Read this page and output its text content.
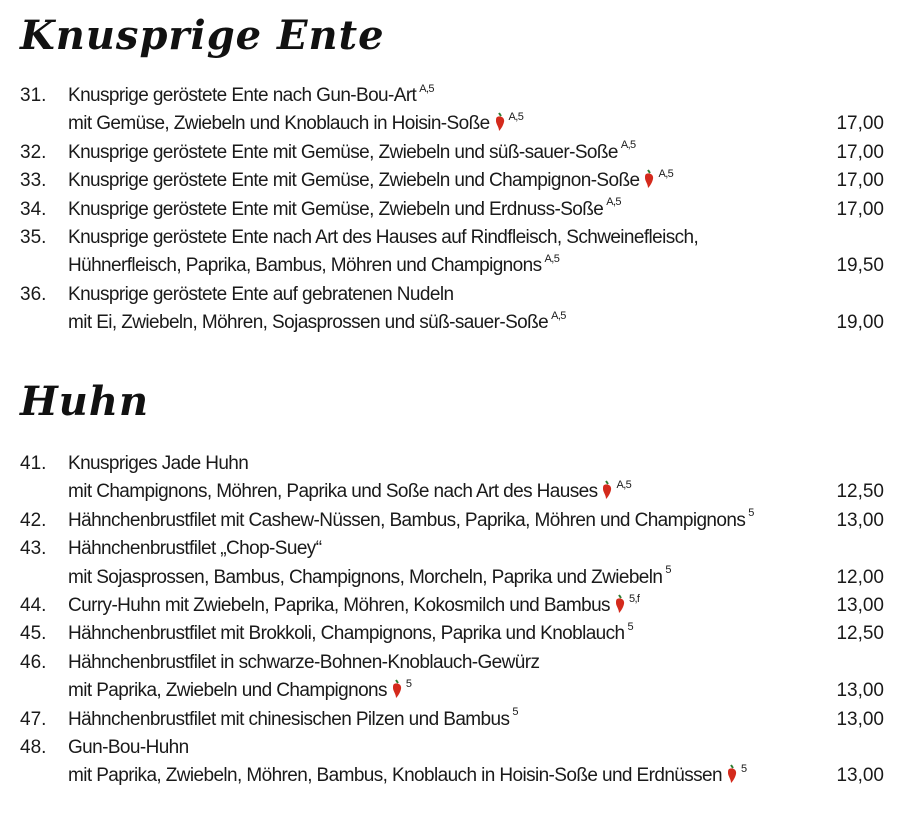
Knusprige Ente
31. Knusprige geröstete Ente nach Gun-Bou-Art $^{A,5}$
mit Gemüse, Zwiebeln und Knoblauch in Hoisin-Soße $^{A,5}$	17,00
32. Knusprige geröstete Ente mit Gemüse, Zwiebeln und süß-sauer-Soße $^{A,5}$	17,00
33. Knusprige geröstete Ente mit Gemüse, Zwiebeln und Champignon-Soße $^{A,5}$	17,00
34. Knusprige geröstete Ente mit Gemüse, Zwiebeln und Erdnuss-Soße $^{A,5}$	17,00
35. Knusprige geröstete Ente nach Art des Hauses auf Rindfleisch, Schweinefleisch,
Hühnerfleisch, Paprika, Bambus, Möhren und Champignons $^{A,5}$	19,50
36. Knusprige geröstete Ente auf gebratenen Nudeln
mit Ei, Zwiebeln, Möhren, Sojasprossen und süß-sauer-Soße $^{A,5}$	19,00
Huhn
41. Knuspriges Jade Huhn
mit Champignons, Möhren, Paprika und Soße nach Art des Hauses $^{A,5}$	12,50
42. Hähnchenbrustfilet mit Cashew-Nüssen, Bambus, Paprika, Möhren und Champignons $^5$	13,00
43. Hähnchenbrustfilet „Chop-Suey“
mit Sojasprossen, Bambus, Champignons, Morcheln, Paprika und Zwiebeln $^5$	12,00
44. Curry-Huhn mit Zwiebeln, Paprika, Möhren, Kokosmilch und Bambus $^{5,f}$	13,00
45. Hähnchenbrustfilet mit Brokkoli, Champignons, Paprika und Knoblauch $^5$	12,50
46. Hähnchenbrustfilet in schwarze-Bohnen-Knoblauch-Gewürz
mit Paprika, Zwiebeln und Champignons $^5$	13,00
47. Hähnchenbrustfilet mit chinesischen Pilzen und Bambus $^5$	13,00
48. Gun-Bou-Huhn
mit Paprika, Zwiebeln, Möhren, Bambus, Knoblauch in Hoisin-Soße und Erdnüssen $^5$	13,00
